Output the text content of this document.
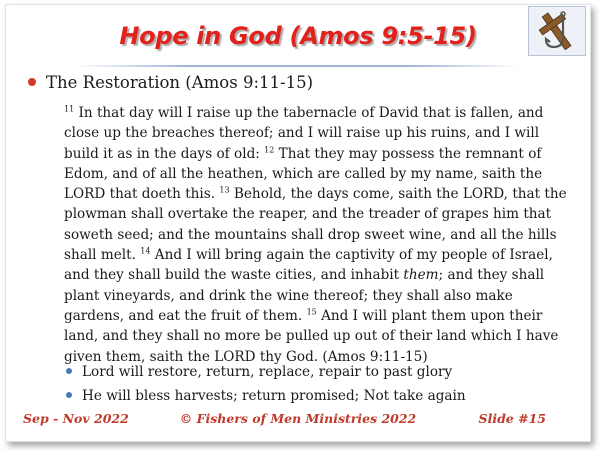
Hope in God (Amos 9:5-15)
The Restoration (Amos 9:11-15)

$^{11}$ In that day will I raise up the tabernacle of David that is fallen, and close up the breaches thereof; and I will raise up his ruins, and I will build it as in the days of old: $^{12}$ That they may possess the remnant of Edom, and of all the heathen, which are called by my name, saith the LORD that doeth this. $^{13}$ Behold, the days come, saith the LORD, that the plowman shall overtake the reaper, and the treader of grapes him that soweth seed; and the mountains shall drop sweet wine, and all the hills shall melt. $^{14}$ And I will bring again the captivity of my people of Israel, and they shall build the waste cities, and inhabit them; and they shall plant vineyards, and drink the wine thereof; they shall also make gardens, and eat the fruit of them. $^{15}$ And I will plant them upon their land, and they shall no more be pulled up out of their land which I have given them, saith the LORD thy God. (Amos 9:11-15)

Lord will restore, return, replace, repair to past glory
He will bless harvests; return promised; Not take again
Sep - Nov 2022	© Fishers of Men Ministries 2022	Slide #15
